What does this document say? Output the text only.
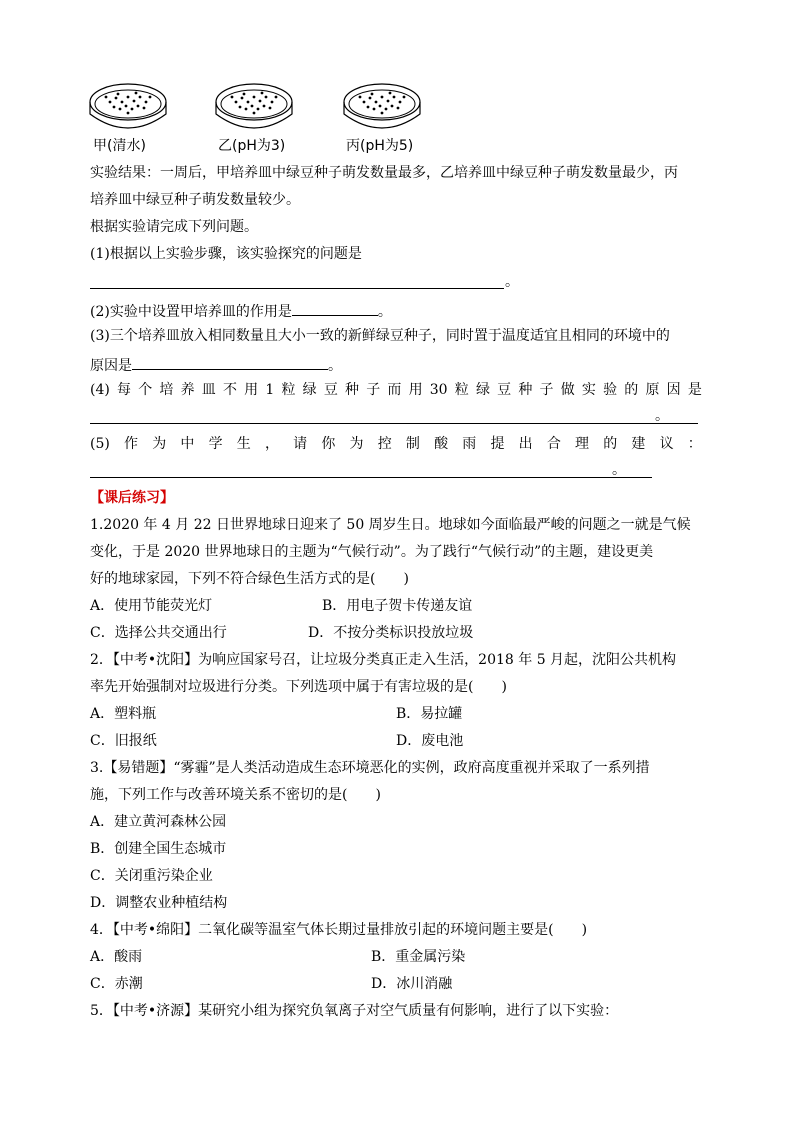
甲(清水)	乙(pH为3)	丙(pH为5)
实验结果：一周后，甲培养皿中绿豆种子萌发数量最多，乙培养皿中绿豆种子萌发数量最少，丙
培养皿中绿豆种子萌发数量较少。
根据实验请完成下列问题。
(1)根据以上实验步骤，该实验探究的问题是
。
(2)实验中设置甲培养皿的作用是	。
(3)三个培养皿放入相同数量且大小一致的新鲜绿豆种子，同时置于温度适宜且相同的环境中的
原因是	。
(4) 每 个 培 养 皿 不 用 1 粒 绿 豆 种 子 而 用 30 粒 绿 豆 种 子 做 实 验 的 原 因 是
。
(5) 作 为 中 学 生 ， 请 你 为 控 制 酸 雨 提 出 合 理 的 建 议 ：
。
【课后练习】
1.2020 年 4 月 22 日世界地球日迎来了 50 周岁生日。地球如今面临最严峻的问题之一就是气候
变化，于是 2020 世界地球日的主题为“气候行动”。为了践行“气候行动”的主题，建设更美
好的地球家园，下列不符合绿色生活方式的是(　　)
A．使用节能荧光灯	B．用电子贺卡传递友谊
C．选择公共交通出行	D．不按分类标识投放垃圾
2．【中考•沈阳】为响应国家号召，让垃圾分类真正走入生活，2018 年 5 月起，沈阳公共机构
率先开始强制对垃圾进行分类。下列选项中属于有害垃圾的是(　　)
A．塑料瓶	B．易拉罐
C．旧报纸	D．废电池
3.【易错题】“雾霾”是人类活动造成生态环境恶化的实例，政府高度重视并采取了一系列措
施，下列工作与改善环境关系不密切的是(　　)
A．建立黄河森林公园
B．创建全国生态城市
C．关闭重污染企业
D．调整农业种植结构
4．【中考•绵阳】二氧化碳等温室气体长期过量排放引起的环境问题主要是(　　)
A．酸雨	B．重金属污染
C．赤潮	D．冰川消融
5．【中考•济源】某研究小组为探究负氧离子对空气质量有何影响，进行了以下实验：
